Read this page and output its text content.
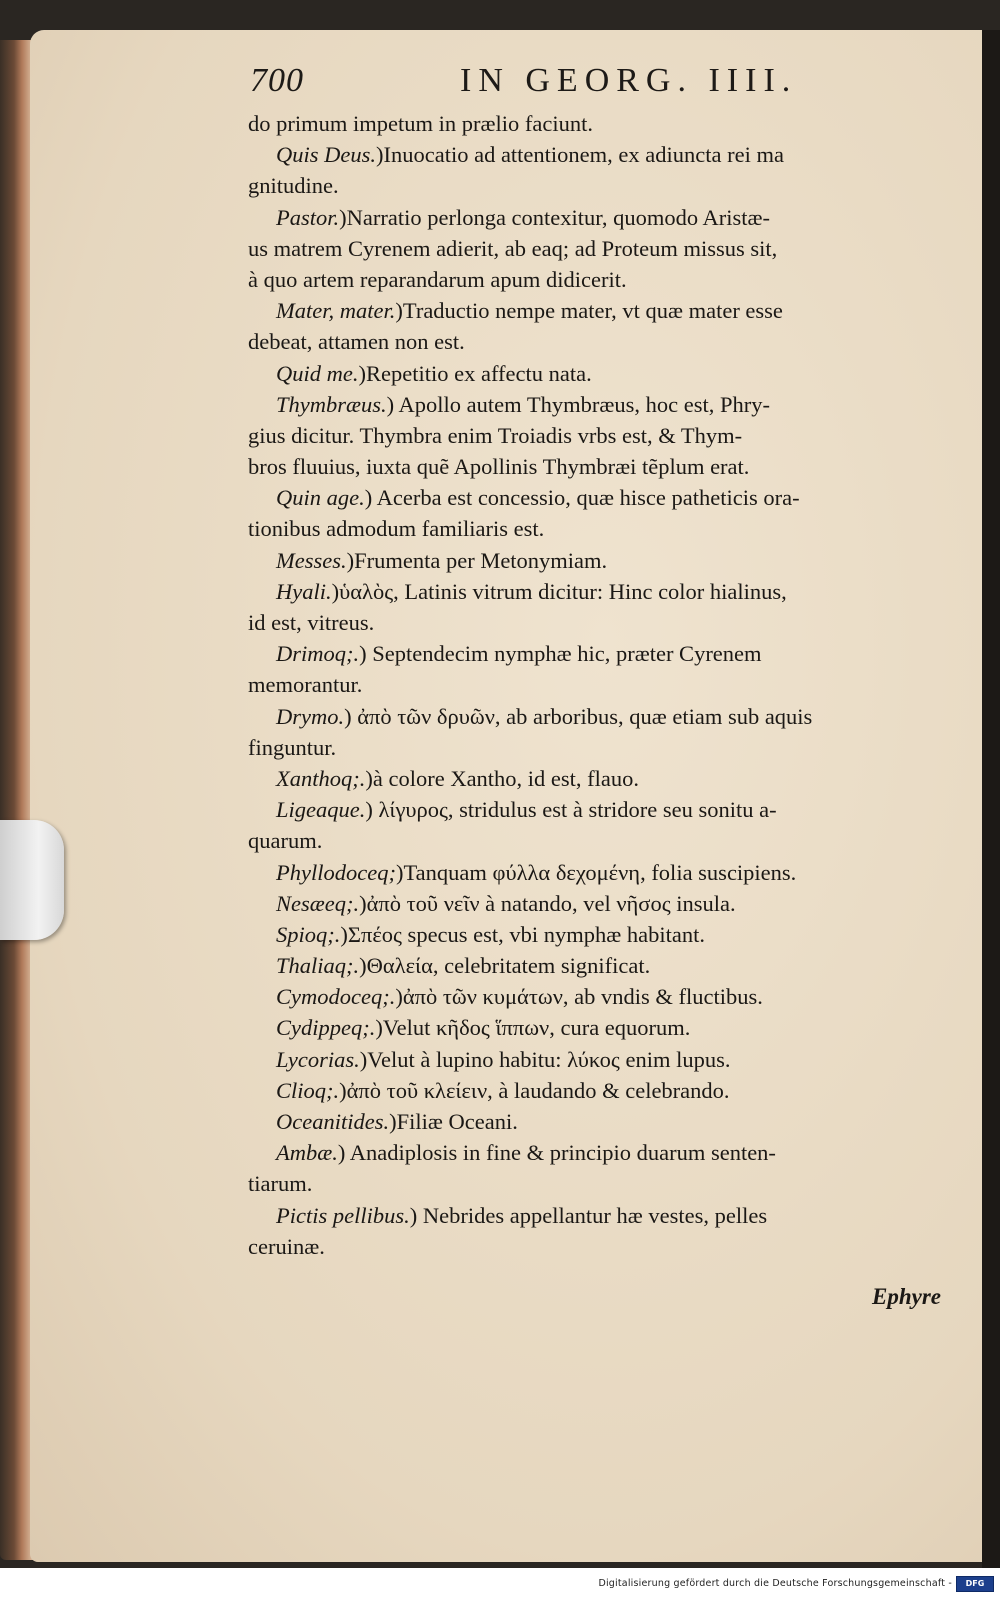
700	IN GEORG. IIII.
do primum impetum in prælio faciunt.
Quis Deus.)Inuocatio ad attentionem, ex adiuncta rei ma
gnitudine.
Pastor.)Narratio perlonga contexitur, quomodo Aristæ-
us matrem Cyrenem adierit, ab eaq; ad Proteum missus sit,
à quo artem reparandarum apum didicerit.
Mater, mater.)Traductio nempe mater, vt quæ mater esse
debeat, attamen non est.
Quid me.)Repetitio ex affectu nata.
Thymbræus.) Apollo autem Thymbræus, hoc est, Phry-
gius dicitur. Thymbra enim Troiadis vrbs est, & Thym-
bros fluuius, iuxta quẽ Apollinis Thymbræi tẽplum erat.
Quin age.) Acerba est concessio, quæ hisce patheticis ora-
tionibus admodum familiaris est.
Messes.)Frumenta per Metonymiam.
Hyali.)ὑαλὸς, Latinis vitrum dicitur: Hinc color hialinus,
id est, vitreus.
Drimoq;.) Septendecim nymphæ hic, præter Cyrenem
memorantur.
Drymo.) ἀπὸ τῶν δρυῶν, ab arboribus, quæ etiam sub aquis
finguntur.
Xanthoq;.)à colore Xantho, id est, flauo.
Ligeaque.) λίγυρος, stridulus est à stridore seu sonitu a-
quarum.
Phyllodoceq;)Tanquam φύλλα δεχομένη, folia suscipiens.
Nesæeq;.)ἀπὸ τοῦ νεῖν à natando, vel νῆσος insula.
Spioq;.)Σπέος specus est, vbi nymphæ habitant.
Thaliaq;.)Θαλεία, celebritatem significat.
Cymodoceq;.)ἀπὸ τῶν κυμάτων, ab vndis & fluctibus.
Cydippeq;.)Velut κῆδος ἵππων, cura equorum.
Lycorias.)Velut à lupino habitu: λύκος enim lupus.
Clioq;.)ἀπὸ τοῦ κλείειν, à laudando & celebrando.
Oceanitides.)Filiæ Oceani.
Ambæ.) Anadiplosis in fine & principio duarum senten-
tiarum.
Pictis pellibus.) Nebrides appellantur hæ vestes, pelles
ceruinæ.
Ephyre
Digitalisierung gefördert durch die Deutsche Forschungsgemeinschaft -	DFG
